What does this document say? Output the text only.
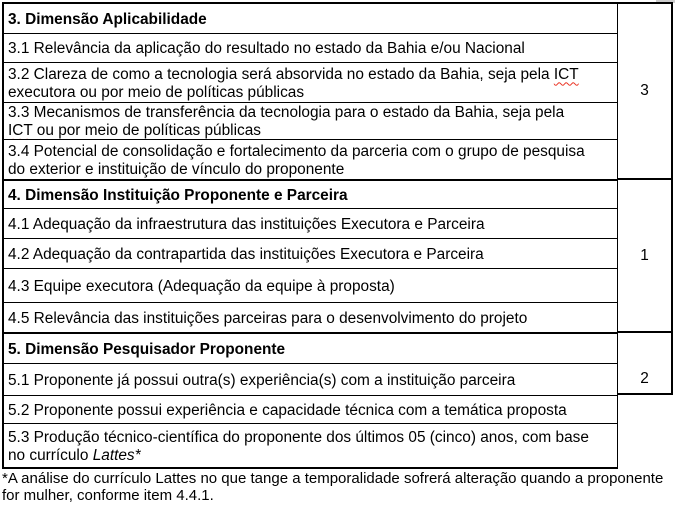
3. Dimensão Aplicabilidade
3.1 Relevância da aplicação do resultado no estado da Bahia e/ou Nacional
3.2 Clareza de como a tecnologia será absorvida no estado da Bahia, seja pela ICT
executora ou por meio de políticas públicas
3.3 Mecanismos de transferência da tecnologia para o estado da Bahia, seja pela
ICT ou por meio de políticas públicas
3.4 Potencial de consolidação e fortalecimento da parceria com o grupo de pesquisa
do exterior e instituição de vínculo do proponente
4. Dimensão Instituição Proponente e Parceira
4.1 Adequação da infraestrutura das instituições Executora e Parceira
4.2 Adequação da contrapartida das instituições Executora e Parceira
4.3 Equipe executora (Adequação da equipe à proposta)
4.5 Relevância das instituições parceiras para o desenvolvimento do projeto
5. Dimensão Pesquisador Proponente
5.1 Proponente já possui outra(s) experiência(s) com a instituição parceira
5.2 Proponente possui experiência e capacidade técnica com a temática proposta
5.3 Produção técnico-científica do proponente dos últimos 05 (cinco) anos, com base
no currículo Lattes*
3
1
2
*A análise do currículo Lattes no que tange a temporalidade sofrerá alteração quando a proponente
for mulher, conforme item 4.4.1.
